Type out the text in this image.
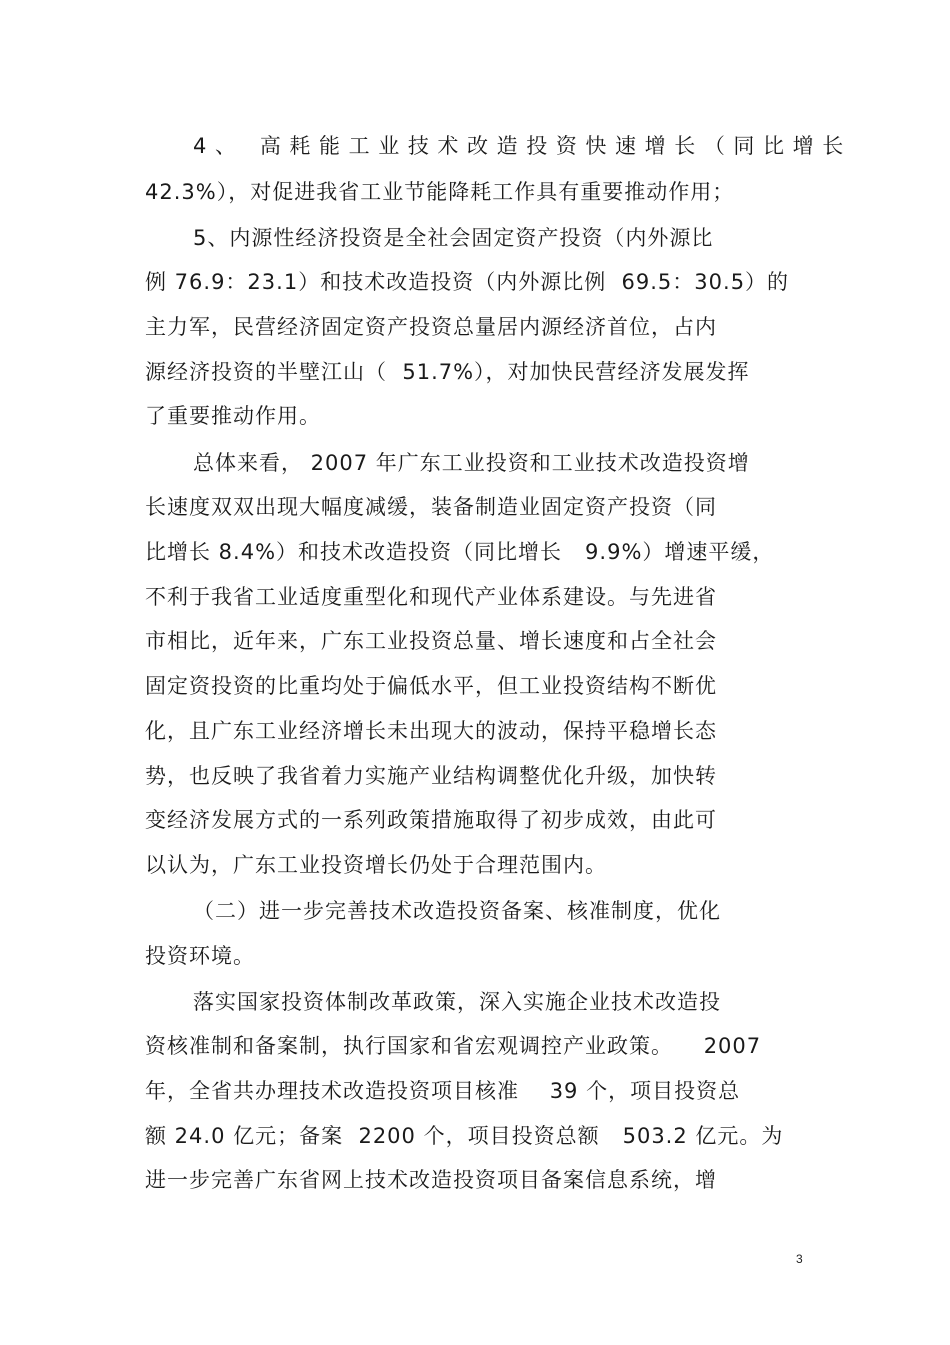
4、 高耗能工业技术改造投资快速增长（同比增长
42.3%），对促进我省工业节能降耗工作具有重要推动作用；
5、内源性经济投资是全社会固定资产投资（内外源比
例 76.9：23.1）和技术改造投资（内外源比例  69.5：30.5）的
主力军，民营经济固定资产投资总量居内源经济首位，占内
源经济投资的半壁江山（  51.7%），对加快民营经济发展发挥
了重要推动作用。
总体来看， 2007 年广东工业投资和工业技术改造投资增
长速度双双出现大幅度减缓，装备制造业固定资产投资（同
比增长 8.4%）和技术改造投资（同比增长   9.9%）增速平缓，
不利于我省工业适度重型化和现代产业体系建设。与先进省
市相比，近年来，广东工业投资总量、增长速度和占全社会
固定资投资的比重均处于偏低水平，但工业投资结构不断优
化，且广东工业经济增长未出现大的波动，保持平稳增长态
势，也反映了我省着力实施产业结构调整优化升级，加快转
变经济发展方式的一系列政策措施取得了初步成效，由此可
以认为，广东工业投资增长仍处于合理范围内。
（二）进一步完善技术改造投资备案、核准制度，优化
投资环境。
落实国家投资体制改革政策，深入实施企业技术改造投
资核准制和备案制，执行国家和省宏观调控产业政策。    2007
年，全省共办理技术改造投资项目核准    39 个，项目投资总
额 24.0 亿元；备案  2200 个，项目投资总额   503.2 亿元。为
进一步完善广东省网上技术改造投资项目备案信息系统，增
3
